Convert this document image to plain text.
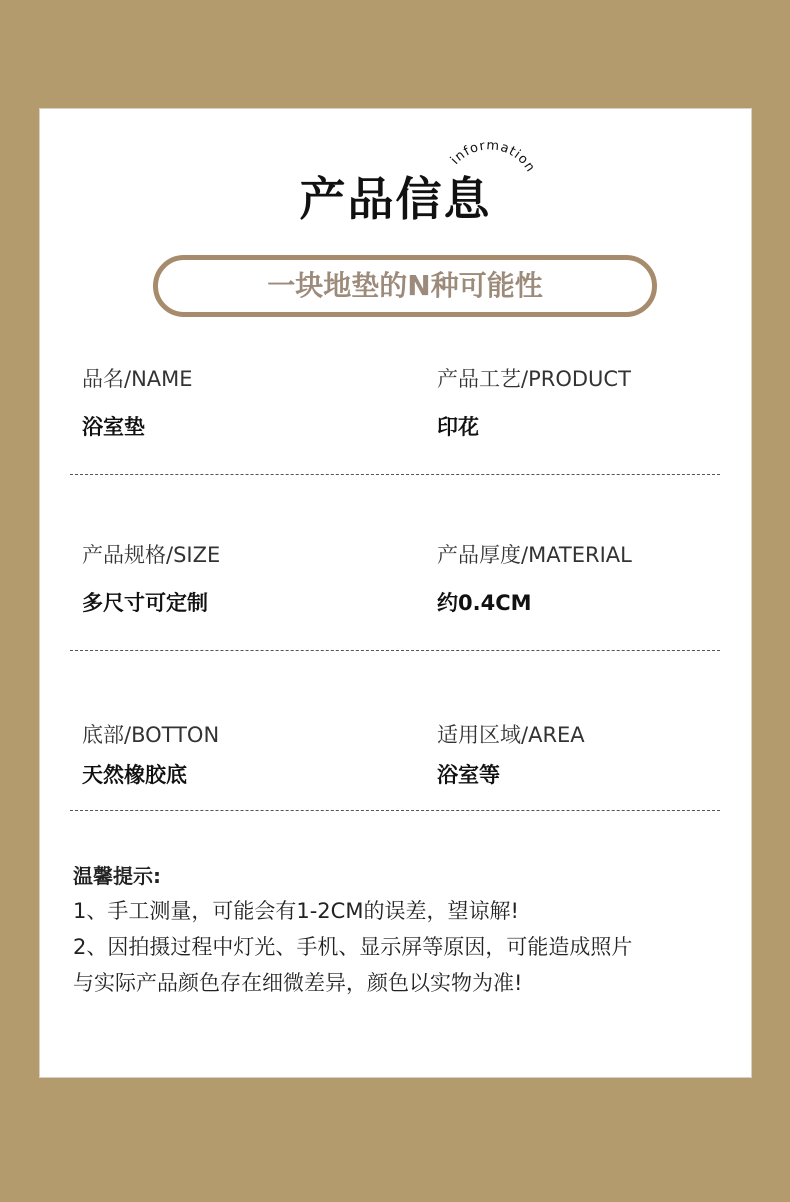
information
产品信息
一块地垫的N种可能性
品名/NAME
浴室垫
产品工艺/PRODUCT
印花
产品规格/SIZE
多尺寸可定制
产品厚度/MATERIAL
约0.4CM
底部/BOTTON
天然橡胶底
适用区域/AREA
浴室等
温馨提示:
1、手工测量，可能会有1-2CM的误差，望谅解!
2、因拍摄过程中灯光、手机、显示屏等原因，可能造成照片
与实际产品颜色存在细微差异，颜色以实物为准!
